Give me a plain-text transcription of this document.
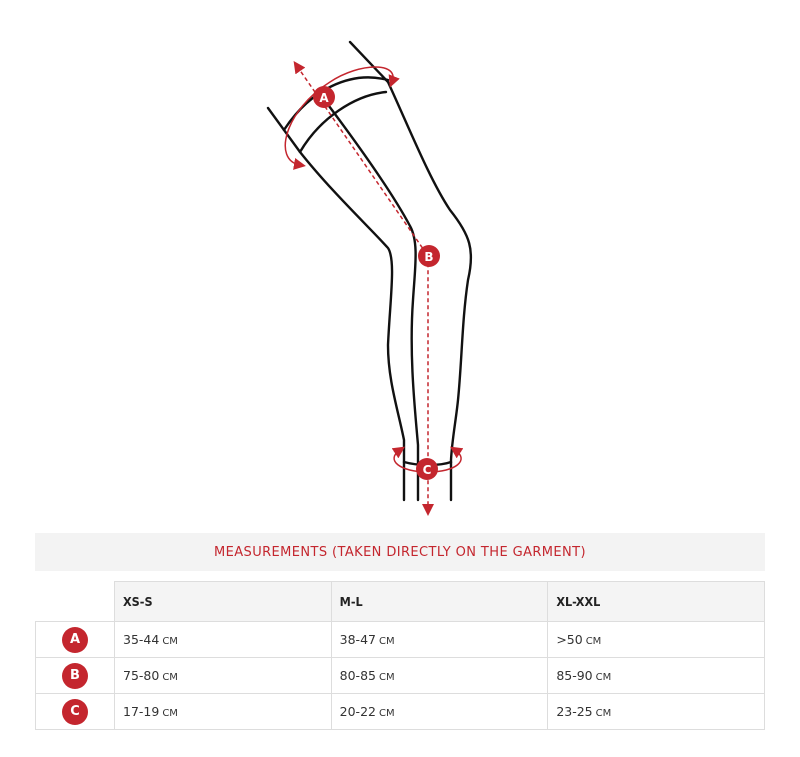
A
B
C
MEASUREMENTS (TAKEN DIRECTLY ON THE GARMENT)
	XS-S	M-L	XL-XXL
A	35-44 CM	38-47 CM	>50 CM
B	75-80 CM	80-85 CM	85-90 CM
C	17-19 CM	20-22 CM	23-25 CM
